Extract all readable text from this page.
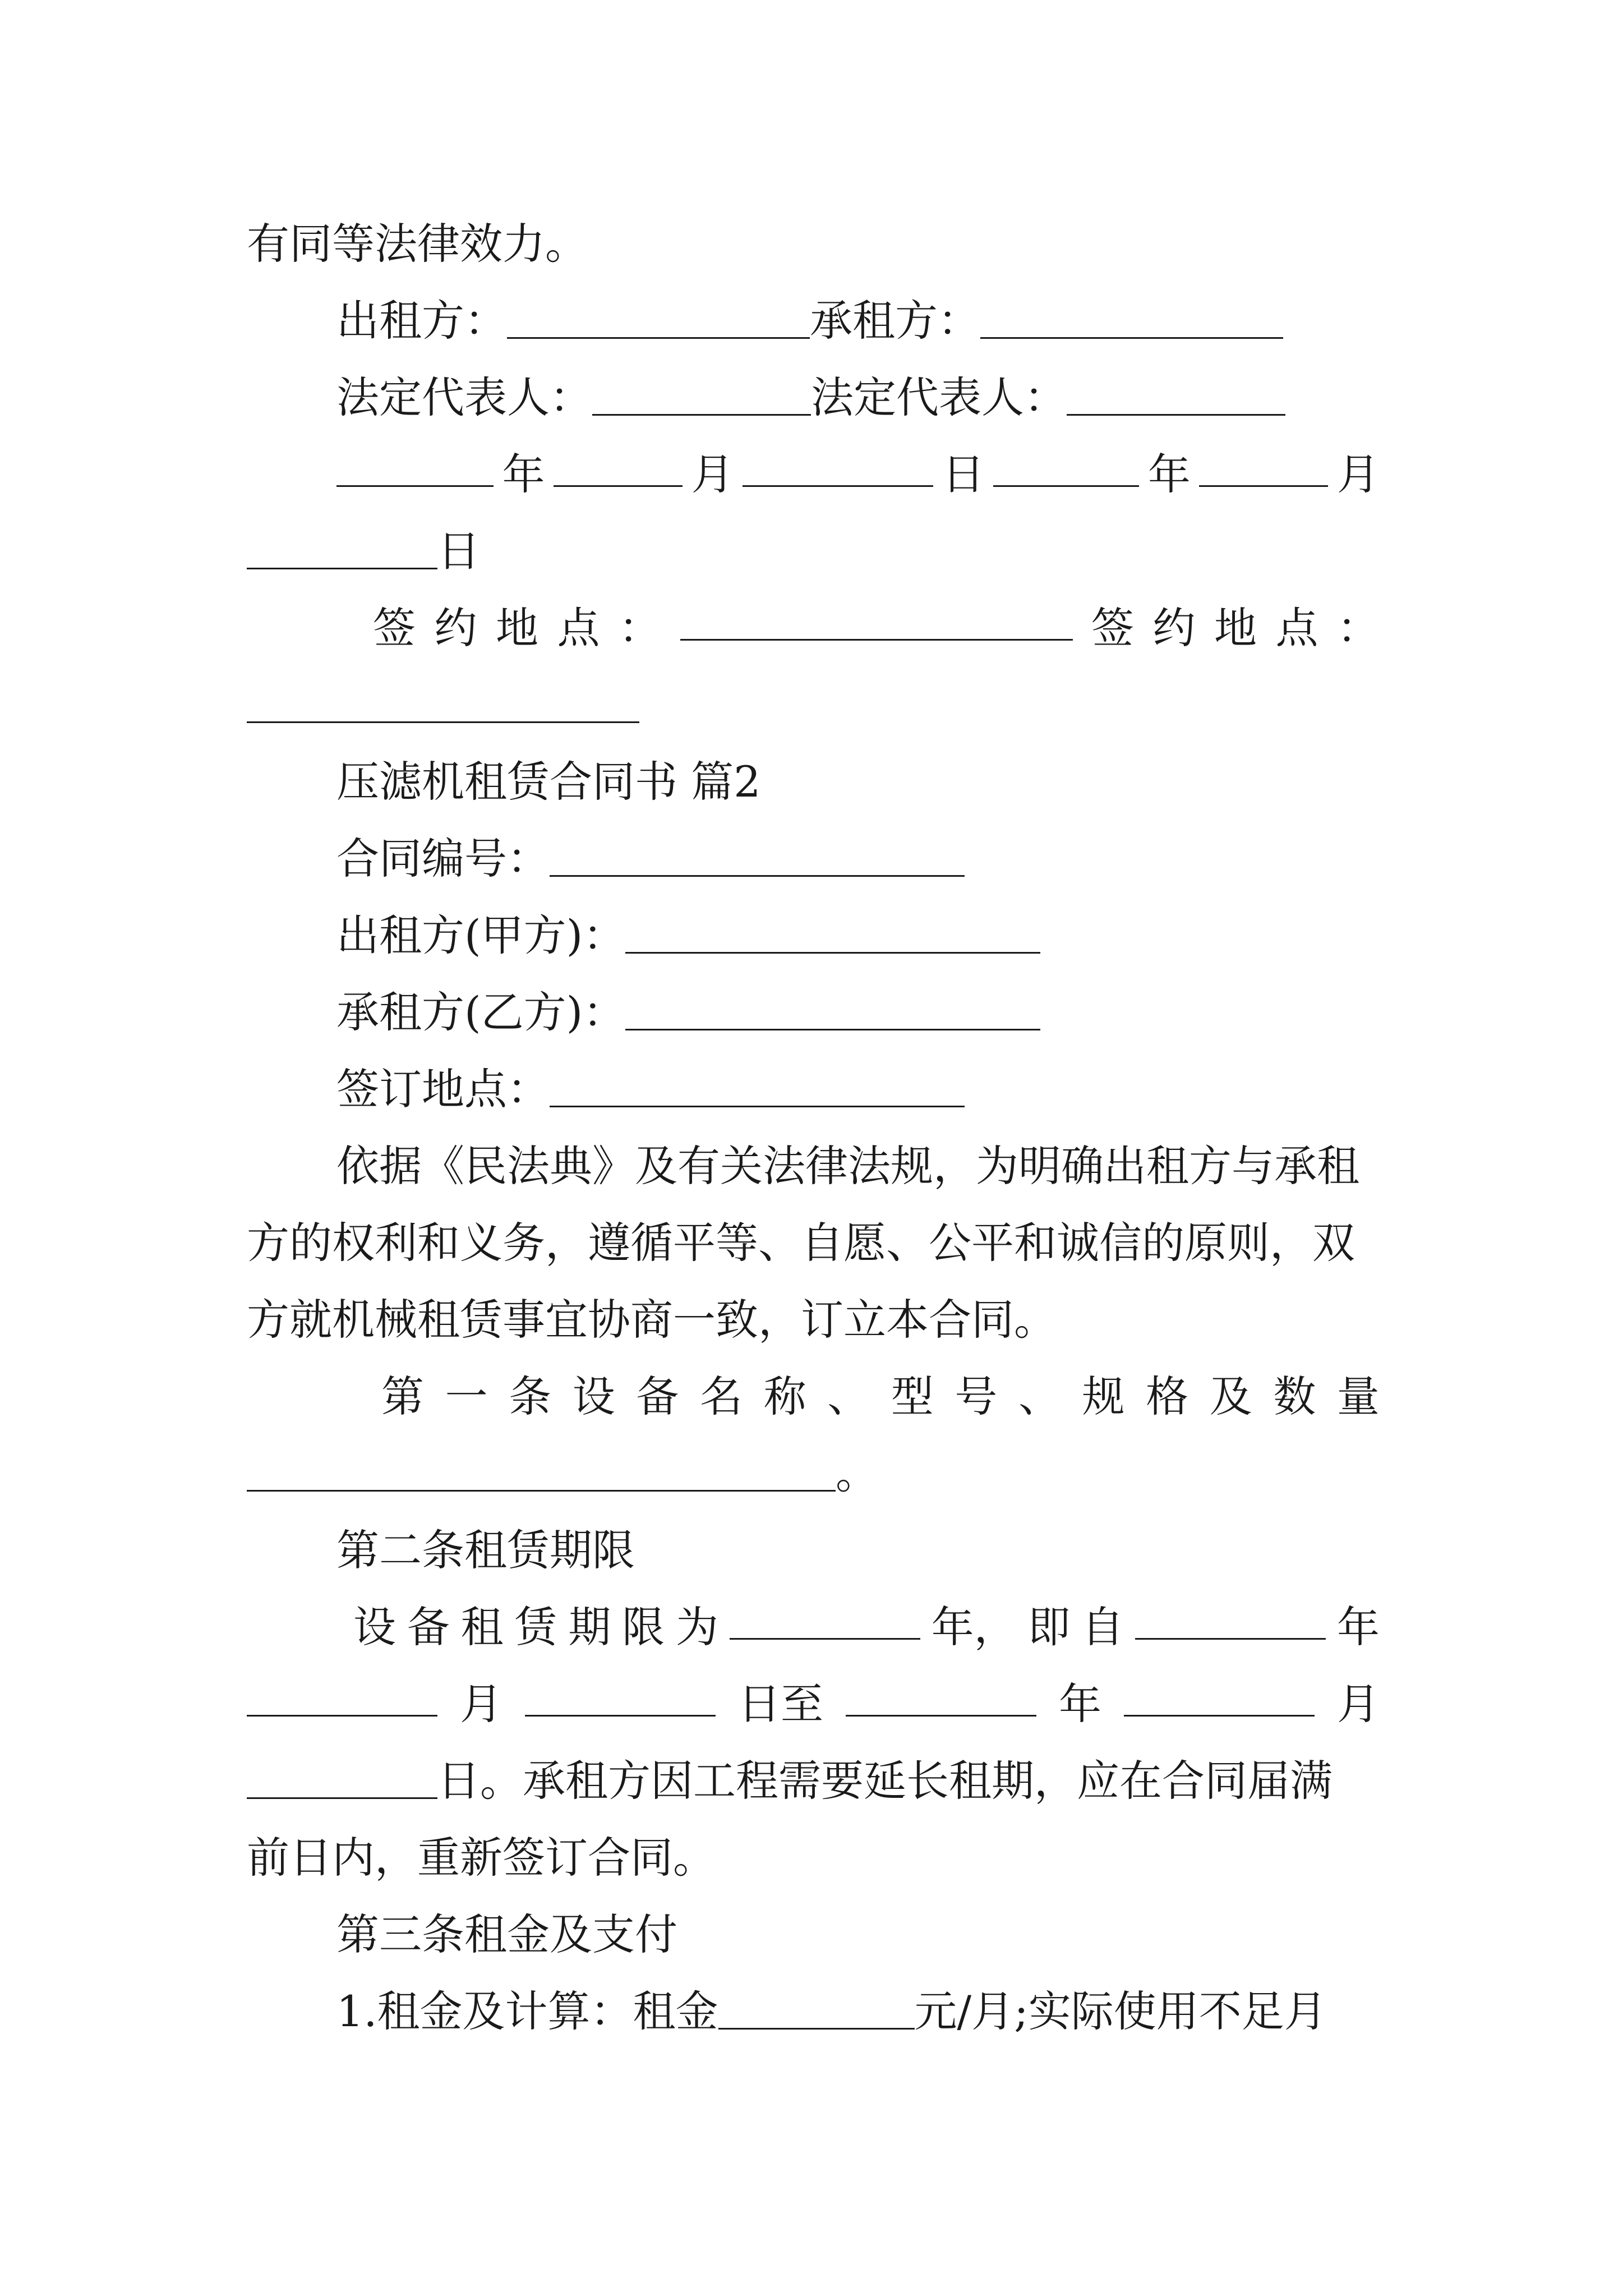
有同等法律效力。
出租方：	承租方：
法定代表人：	法定代表人：
年	月	日	年	月
日
签 约 地 点 ：	签 约 地 点 ：
压滤机租赁合同书 篇2
合同编号：
出租方(甲方)：
承租方(乙方)：
签订地点：
依据《民法典》及有关法律法规，为明确出租方与承租
方的权利和义务，遵循平等、自愿、公平和诚信的原则，双
方就机械租赁事宜协商一致，订立本合同。
第 一 条 设 备 名 称 、 型 号 、 规 格 及 数 量
。
第二条租赁期限
设 备 租 赁 期 限 为	年， 即 自	年
月	日至	年	月
日。承租方因工程需要延长租期，应在合同届满
前日内，重新签订合同。
第三条租金及支付
1.租金及计算：租金	元/月;实际使用不足月
